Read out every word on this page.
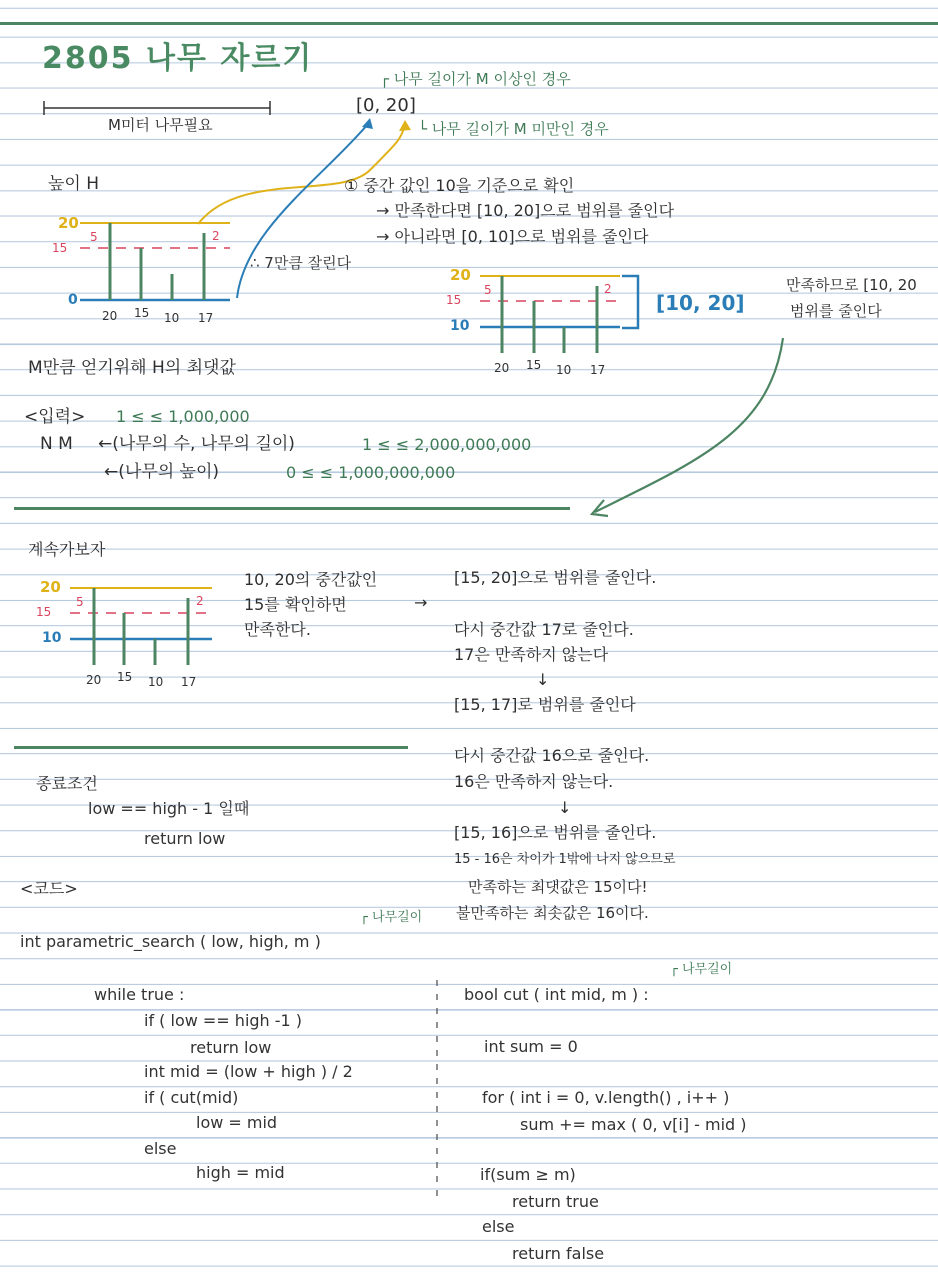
2805 나무 자르기
M미터 나무필요
높이 H
[0, 20]
┌ 나무 길이가 M 이상인 경우
└ 나무 길이가 M 미만인 경우
20
15
5	2
0
20 15 10 17
∴ 7만큼 잘린다
① 중간 값인 10을 기준으로 확인
→ 만족한다면 [10, 20]으로 범위를 줄인다
→ 아니라면 [0, 10]으로 범위를 줄인다
20
15
5	2
10
20 15 10 17
[10, 20]
만족하므로 [10, 20
범위를 줄인다
M만큼 얻기위해 H의 최댓값
<입력> 1 ≤ ≤ 1,000,000
N M ←(나무의 수, 나무의 길이)	1 ≤ ≤ 2,000,000,000
←(나무의 높이)	0 ≤ ≤ 1,000,000,000
계속가보자
20
15
5	2
10
20 15 10 17
10, 20의 중간값인
15를 확인하면
만족한다.
→
[15, 20]으로 범위를 줄인다.
다시 중간값 17로 줄인다.
17은 만족하지 않는다
↓
[15, 17]로 범위를 줄인다
다시 중간값 16으로 줄인다.
16은 만족하지 않는다.
↓
[15, 16]으로 범위를 줄인다.
15 - 16은 차이가 1밖에 나지 않으므로
만족하는 최댓값은 15이다!
불만족하는 최솟값은 16이다.
종료조건
low == high - 1 일때
return low
<코드>
┌ 나무길이
int parametric_search ( low, high, m )
while true :
if ( low == high -1 )
return low
int mid = (low + high ) / 2
if ( cut(mid)
low = mid
else
high = mid
┌ 나무길이
bool cut ( int mid, m ) :
int sum = 0
for ( int i = 0, v.length() , i++ )
sum += max ( 0, v[i] - mid )
if(sum ≥ m)
return true
else
return false
